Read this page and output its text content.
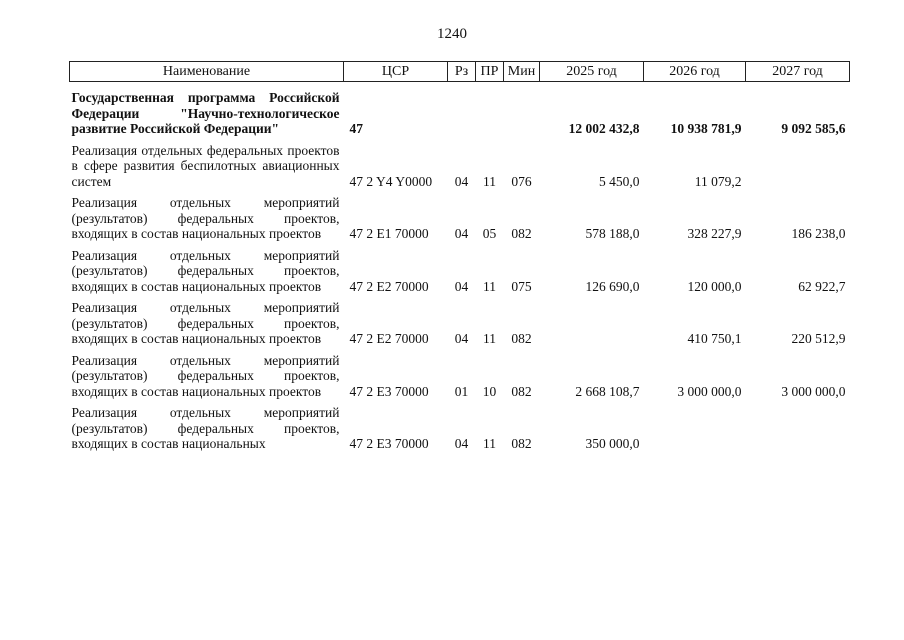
1240
Наименование	ЦСР	Рз	ПР	Мин	2025 год	2026 год	2027 год
Государственная программа Российской Федерации "Научно-технологическое развитие Российской Федерации"	47				12 002 432,8	10 938 781,9	9 092 585,6
Реализация отдельных федеральных проектов в сфере развития беспилотных авиационных систем	47 2 Y4 Y0000	04	11	076	5 450,0	11 079,2	
Реализация отдельных мероприятий (результатов) федеральных проектов, входящих в состав национальных проектов	47 2 Е1 70000	04	05	082	578 188,0	328 227,9	186 238,0
Реализация отдельных мероприятий (результатов) федеральных проектов, входящих в состав национальных проектов	47 2 Е2 70000	04	11	075	126 690,0	120 000,0	62 922,7
Реализация отдельных мероприятий (результатов) федеральных проектов, входящих в состав национальных проектов	47 2 Е2 70000	04	11	082		410 750,1	220 512,9
Реализация отдельных мероприятий (результатов) федеральных проектов, входящих в состав национальных проектов	47 2 Е3 70000	01	10	082	2 668 108,7	3 000 000,0	3 000 000,0
Реализация отдельных мероприятий (результатов) федеральных проектов, входящих в состав национальных	47 2 Е3 70000	04	11	082	350 000,0		
